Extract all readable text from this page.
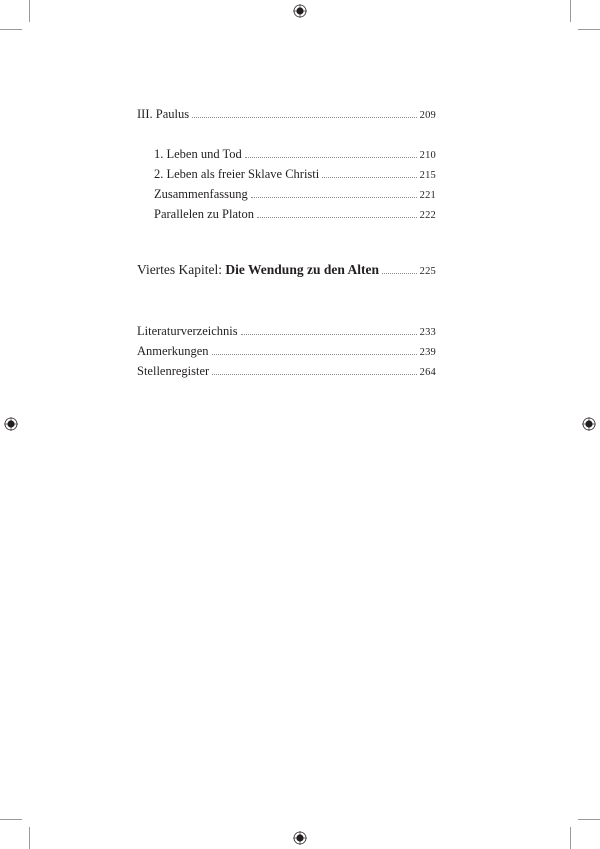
III. Paulus	209
1. Leben und Tod	210
2. Leben als freier Sklave Christi	215
Zusammenfassung	221
Parallelen zu Platon	222
Viertes Kapitel: Die Wendung zu den Alten	225
Literaturverzeichnis	233
Anmerkungen	239
Stellenregister	264
